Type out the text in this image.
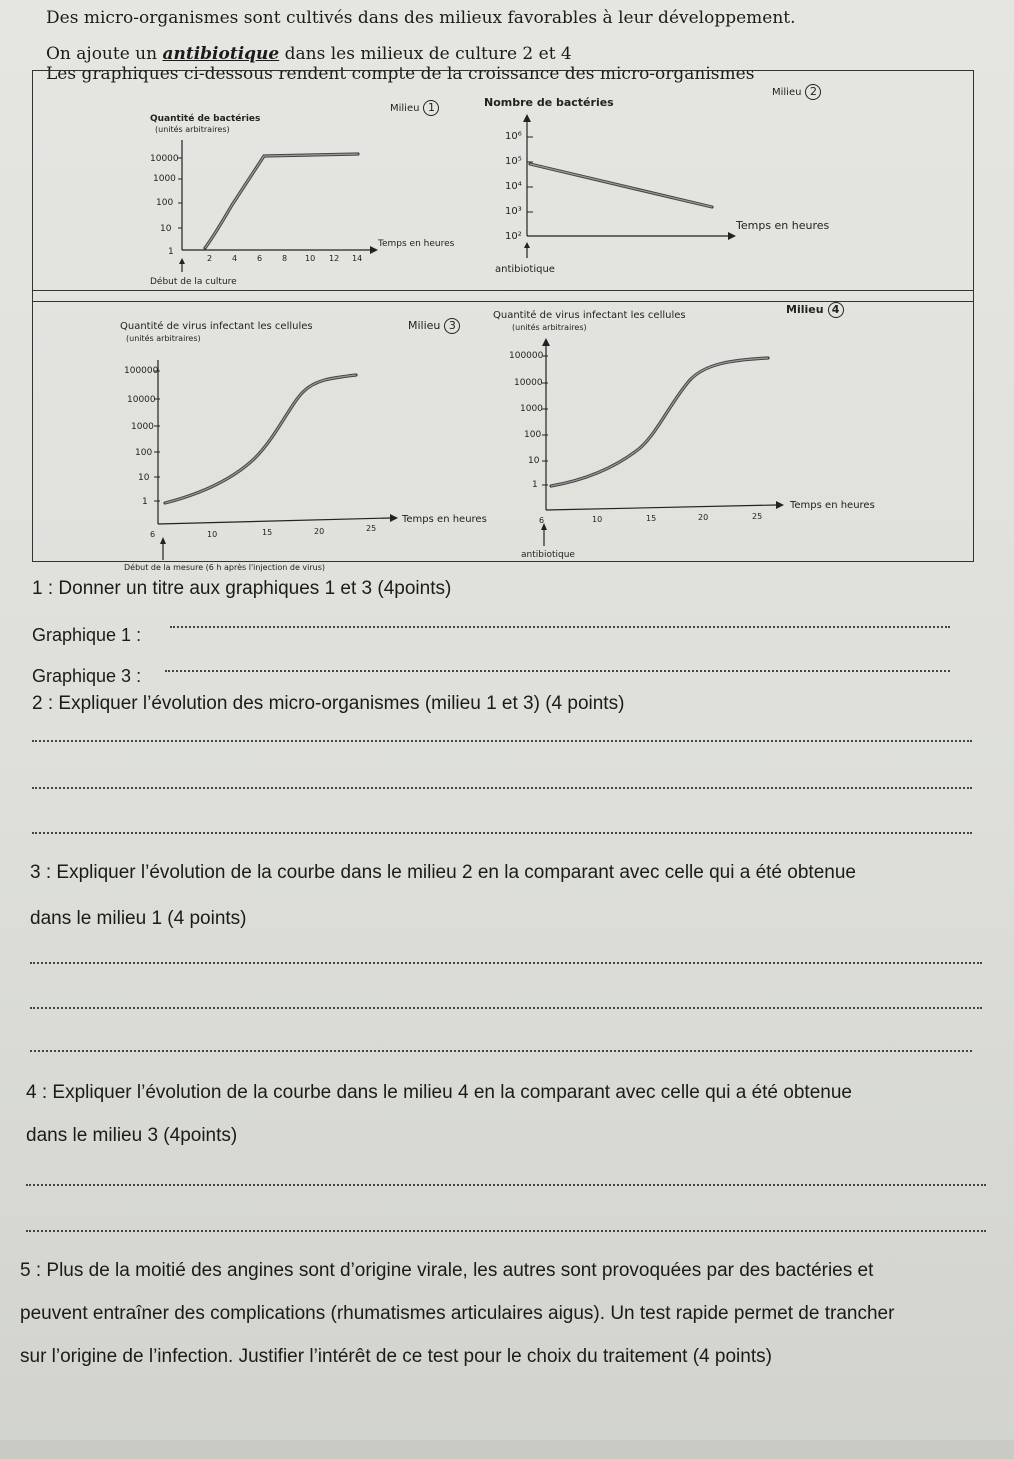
Des micro-organismes sont cultivés dans des milieux favorables à leur développement.
On ajoute un antibiotique dans les milieux de culture 2 et 4
Les graphiques ci-dessous rendent compte de la croissance des micro-organismes
Quantité de bactéries
(unités arbitraires)
Milieu 1
10000
1000
100
10
1
2 4 6 8 10 12 14
Temps en heures
Début de la culture
Nombre de bactéries
Milieu 2
10⁶
10⁵
10⁴
10³
10²
Temps en heures
antibiotique
Quantité de virus infectant les cellules
(unités arbitraires)
Milieu 3
100000
10000
1000
100
10
1
6	10	15	20	25
Temps en heures
Début de la mesure (6 h après l'injection de virus)
Quantité de virus infectant les cellules
(unités arbitraires)
Milieu 4
100000
10000
1000
100
10
1
6	10	15	20	25
Temps en heures
antibiotique
1 : Donner un titre aux graphiques 1 et 3 (4points)
Graphique 1 :
Graphique 3 :
2 : Expliquer l’évolution des micro-organismes (milieu 1 et 3) (4 points)
3 : Expliquer l’évolution de la courbe dans le milieu 2 en la comparant avec celle qui a été obtenue
dans le milieu 1 (4 points)
4 : Expliquer l’évolution de la courbe dans le milieu 4 en la comparant avec celle qui a été obtenue
dans le milieu 3 (4points)
5 : Plus de la moitié des angines sont d’origine virale, les autres sont provoquées par des bactéries et
peuvent entraîner des complications (rhumatismes articulaires aigus). Un test rapide permet de trancher
sur l’origine de l’infection. Justifier l’intérêt de ce test pour le choix du traitement (4 points)
